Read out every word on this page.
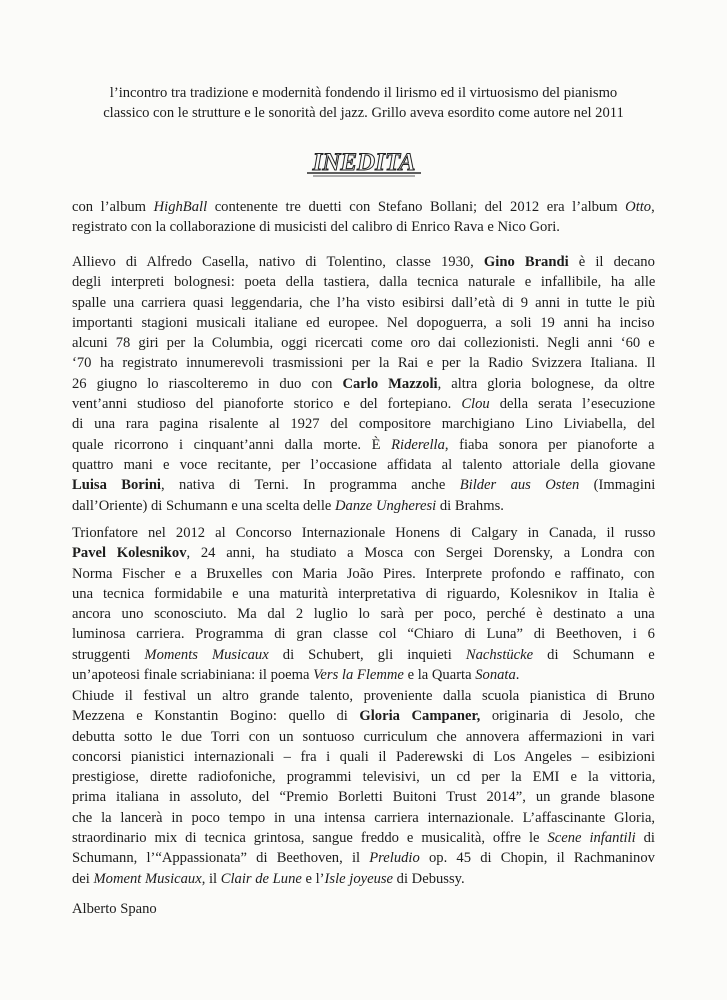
l’incontro tra tradizione e modernità fondendo il lirismo ed il virtuosismo del pianismo
classico con le strutture e le sonorità del jazz. Grillo aveva esordito come autore nel 2011
INEDITA
con l’album HighBall contenente tre duetti con Stefano Bollani; del 2012 era l’album Otto,
registrato con la collaborazione di musicisti del calibro di Enrico Rava e Nico Gori.
Allievo di Alfredo Casella, nativo di Tolentino, classe 1930, Gino Brandi è il decano
degli interpreti bolognesi: poeta della tastiera, dalla tecnica naturale e infallibile, ha alle
spalle una carriera quasi leggendaria, che l’ha visto esibirsi dall’età di 9 anni in tutte le più
importanti stagioni musicali italiane ed europee. Nel dopoguerra, a soli 19 anni ha inciso
alcuni 78 giri per la Columbia, oggi ricercati come oro dai collezionisti. Negli anni ‘60 e
‘70 ha registrato innumerevoli trasmissioni per la Rai e per la Radio Svizzera Italiana. Il
26 giugno lo riascolteremo in duo con Carlo Mazzoli, altra gloria bolognese, da oltre
vent’anni studioso del pianoforte storico e del fortepiano. Clou della serata l’esecuzione
di una rara pagina risalente al 1927 del compositore marchigiano Lino Liviabella, del
quale ricorrono i cinquant’anni dalla morte. È Riderella, fiaba sonora per pianoforte a
quattro mani e voce recitante, per l’occasione affidata al talento attoriale della giovane
Luisa Borini, nativa di Terni. In programma anche Bilder aus Osten (Immagini
dall’Oriente) di Schumann e una scelta delle Danze Ungheresi di Brahms.
Trionfatore nel 2012 al Concorso Internazionale Honens di Calgary in Canada, il russo
Pavel Kolesnikov, 24 anni, ha studiato a Mosca con Sergei Dorensky, a Londra con
Norma Fischer e a Bruxelles con Maria João Pires. Interprete profondo e raffinato, con
una tecnica formidabile e una maturità interpretativa di riguardo, Kolesnikov in Italia è
ancora uno sconosciuto. Ma dal 2 luglio lo sarà per poco, perché è destinato a una
luminosa carriera. Programma di gran classe col “Chiaro di Luna” di Beethoven, i 6
struggenti Moments Musicaux di Schubert, gli inquieti Nachstücke di Schumann e
un’apoteosi finale scriabiniana: il poema Vers la Flemme e la Quarta Sonata.
Chiude il festival un altro grande talento, proveniente dalla scuola pianistica di Bruno
Mezzena e Konstantin Bogino: quello di Gloria Campaner, originaria di Jesolo, che
debutta sotto le due Torri con un sontuoso curriculum che annovera affermazioni in vari
concorsi pianistici internazionali – fra i quali il Paderewski di Los Angeles – esibizioni
prestigiose, dirette radiofoniche, programmi televisivi, un cd per la EMI e la vittoria,
prima italiana in assoluto, del “Premio Borletti Buitoni Trust 2014”, un grande blasone
che la lancerà in poco tempo in una intensa carriera internazionale. L’affascinante Gloria,
straordinario mix di tecnica grintosa, sangue freddo e musicalità, offre le Scene infantili di
Schumann, l’“Appassionata” di Beethoven, il Preludio op. 45 di Chopin, il Rachmaninov
dei Moment Musicaux, il Clair de Lune e l’Isle joyeuse di Debussy.
Alberto Spano
